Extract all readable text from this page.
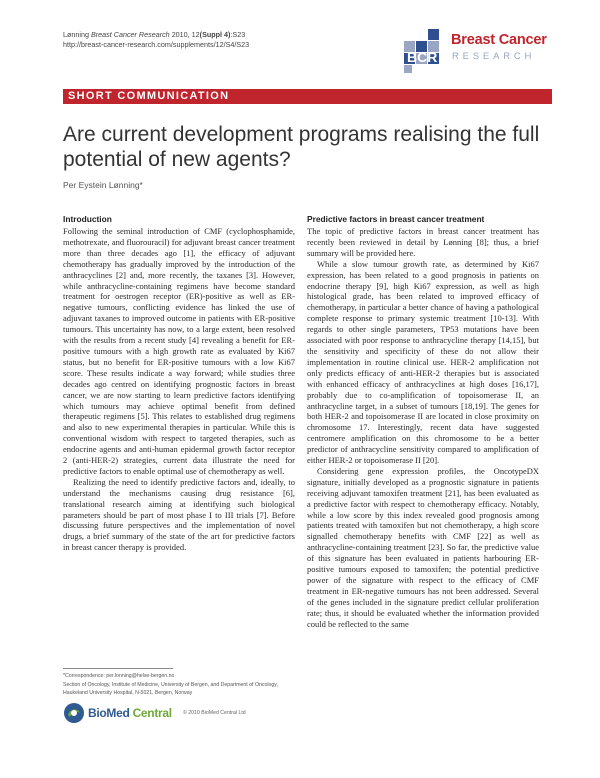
Lønning Breast Cancer Research 2010, 12(Suppl 4):S23
http://breast-cancer-research.com/supplements/12/S4/S23
BCR
Breast Cancer
RESEARCH
SHORT COMMUNICATION
Are current development programs realising the full potential of new agents?
Per Eystein Lønning*
Introduction

Following the seminal introduction of CMF (cyclophosphamide, methotrexate, and fluorouracil) for adjuvant breast cancer treatment more than three decades ago [1], the efficacy of adjuvant chemotherapy has gradually improved by the introduction of the anthracyclines [2] and, more recently, the taxanes [3]. However, while anthracycline-containing regimens have become standard treatment for oestrogen receptor (ER)-positive as well as ER-negative tumours, conflicting evidence has linked the use of adjuvant taxanes to improved outcome in patients with ER-positive tumours. This uncertainty has now, to a large extent, been resolved with the results from a recent study [4] revealing a benefit for ER-positive tumours with a high growth rate as evaluated by Ki67 status, but no benefit for ER-positive tumours with a low Ki67 score. These results indicate a way forward; while studies three decades ago centred on identifying prognostic factors in breast cancer, we are now starting to learn predictive factors identifying which tumours may achieve optimal benefit from defined therapeutic regimens [5]. This relates to established drug regimens and also to new experimental therapies in particular. While this is conventional wisdom with respect to targeted therapies, such as endocrine agents and anti-human epidermal growth factor receptor 2 (anti-HER-2) strategies, current data illustrate the need for predictive factors to enable optimal use of chemotherapy as well.

Realizing the need to identify predictive factors and, ideally, to understand the mechanisms causing drug resistance [6], translational research aiming at identifying such biological parameters should be part of most phase I to III trials [7]. Before discussing future perspectives and the implementation of novel drugs, a brief summary of the state of the art for predictive factors in breast cancer therapy is provided.

Predictive factors in breast cancer treatment

The topic of predictive factors in breast cancer treatment has recently been reviewed in detail by Lønning [8]; thus, a brief summary will be provided here.

While a slow tumour growth rate, as determined by Ki67 expression, has been related to a good prognosis in patients on endocrine therapy [9], high Ki67 expression, as well as high histological grade, has been related to improved efficacy of chemotherapy, in particular a better chance of having a pathological complete response to primary systemic treatment [10-13]. With regards to other single parameters, TP53 mutations have been associated with poor response to anthracycline therapy [14,15], but the sensitivity and specificity of these do not allow their implementation in routine clinical use. HER-2 amplification not only predicts efficacy of anti-HER-2 therapies but is associated with enhanced efficacy of anthracyclines at high doses [16,17], probably due to co-amplification of topoisomerase II, an anthracycline target, in a subset of tumours [18,19]. The genes for both HER-2 and topoisomerase II are located in close proximity on chromosome 17. Interestingly, recent data have suggested centromere amplification on this chromosome to be a better predictor of anthracycline sensitivity compared to amplification of either HER-2 or topoisomerase II [20].

Considering gene expression profiles, the OncotypeDX signature, initially developed as a prognostic signature in patients receiving adjuvant tamoxifen treatment [21], has been evaluated as a predictive factor with respect to chemotherapy efficacy. Notably, while a low score by this index revealed good prognosis among patients treated with tamoxifen but not chemotherapy, a high score signalled chemotherapy benefits with CMF [22] as well as anthracycline-containing treatment [23]. So far, the predictive value of this signature has been evaluated in patients harbouring ER-positive tumours exposed to tamoxifen; the potential predictive power of the signature with respect to the efficacy of CMF treatment in ER-negative tumours has not been addressed. Several of the genes included in the signature predict cellular proliferation rate; thus, it should be evaluated whether the information provided could be reflected to the same

*Correspondence: per.lonning@helse-bergen.no
Section of Oncology, Institute of Medicine, University of Bergen, and Department of Oncology, Haukeland University Hospital, N-5021, Bergen, Norway
BioMed Central © 2010 BioMed Central Ltd
